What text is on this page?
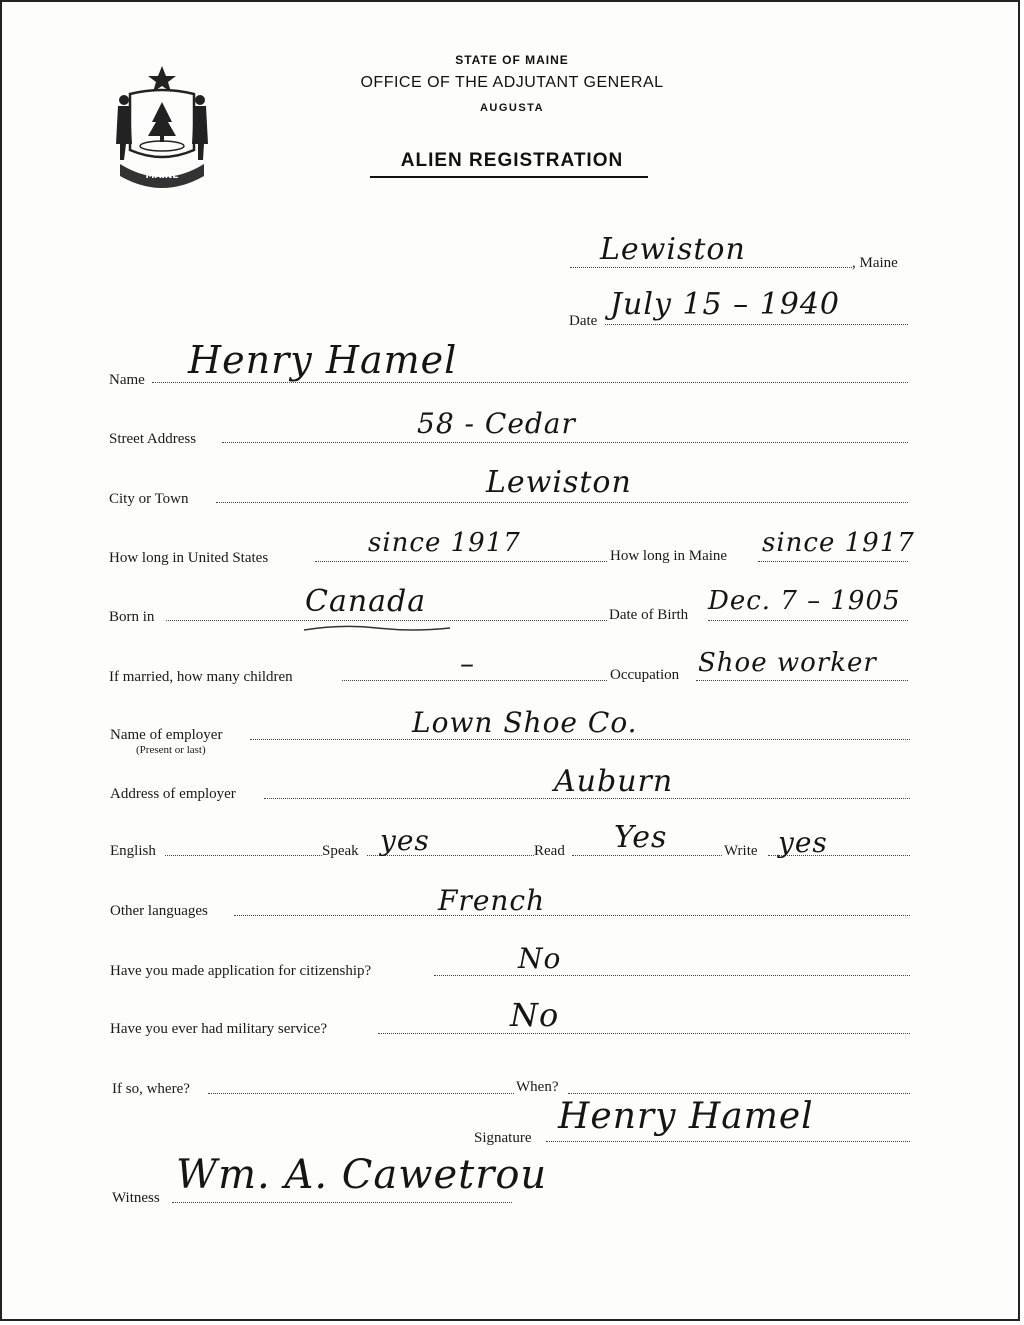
MAINE
STATE OF MAINE
OFFICE OF THE ADJUTANT GENERAL
AUGUSTA
ALIEN REGISTRATION
Lewiston	, Maine
Date July 15 – 1940
Name Henry Hamel
Street Address	58 - Cedar
City or Town	Lewiston
How long in United States	since 1917	How long in Maine since 1917
Born in	Canada	Date of Birth Dec. 7 – 1905
If married, how many children	–	Occupation Shoe worker
Name of employer
(Present or last)
Lown Shoe Co.
Address of employer	Auburn
English	Speak yes	Read Yes	Write yes
Other languages	French
Have you made application for citizenship?	No
Have you ever had military service?	No
If so, where?	When?
Signature
Henry Hamel
Witness Wm. A. Cawetrou
